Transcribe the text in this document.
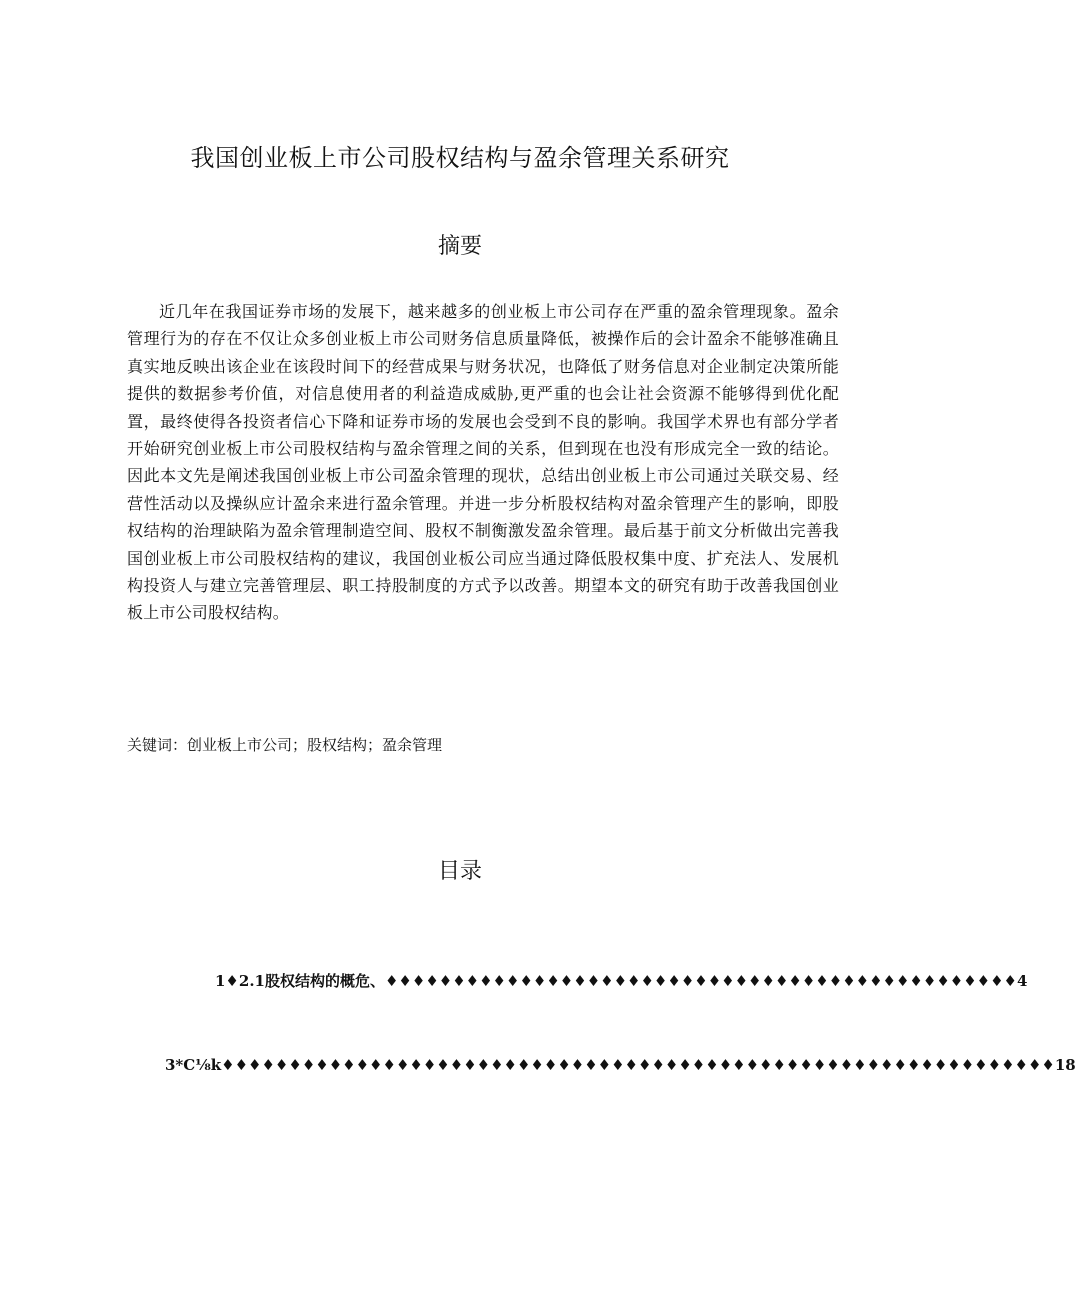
我国创业板上市公司股权结构与盈余管理关系研究
摘要

近几年在我国证券市场的发展下，越来越多的创业板上市公司存在严重的盈余管理现象。盈余管理行为的存在不仅让众多创业板上市公司财务信息质量降低，被操作后的会计盈余不能够准确且真实地反映出该企业在该段时间下的经营成果与财务状况，也降低了财务信息对企业制定决策所能提供的数据参考价值，对信息使用者的利益造成威胁,更严重的也会让社会资源不能够得到优化配置，最终使得各投资者信心下降和证券市场的发展也会受到不良的影响。我国学术界也有部分学者开始研究创业板上市公司股权结构与盈余管理之间的关系，但到现在也没有形成完全一致的结论。因此本文先是阐述我国创业板上市公司盈余管理的现状，总结出创业板上市公司通过关联交易、经营性活动以及操纵应计盈余来进行盈余管理。并进一步分析股权结构对盈余管理产生的影响，即股权结构的治理缺陷为盈余管理制造空间、股权不制衡激发盈余管理。最后基于前文分析做出完善我国创业板上市公司股权结构的建议，我国创业板公司应当通过降低股权集中度、扩充法人、发展机构投资人与建立完善管理层、职工持股制度的方式予以改善。期望本文的研究有助于改善我国创业板上市公司股权结构。

关键词：创业板上市公司；股权结构；盈余管理
目录
1♦2.1股权结构的概危、♦♦♦♦♦♦♦♦♦♦♦♦♦♦♦♦♦♦♦♦♦♦♦♦♦♦♦♦♦♦♦♦♦♦♦♦♦♦♦♦♦♦♦♦♦♦♦4
3*C⅛k♦♦♦♦♦♦♦♦♦♦♦♦♦♦♦♦♦♦♦♦♦♦♦♦♦♦♦♦♦♦♦♦♦♦♦♦♦♦♦♦♦♦♦♦♦♦♦♦♦♦♦♦♦♦♦♦♦♦♦♦♦♦18
